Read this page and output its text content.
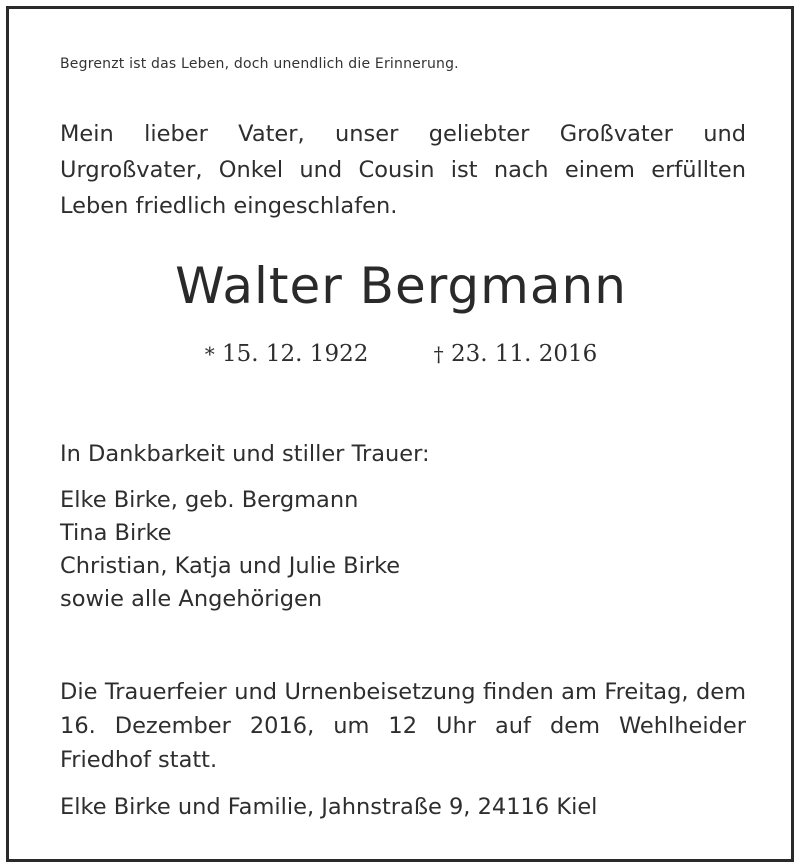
Begrenzt ist das Leben, doch unendlich die Erinnerung.
Mein lieber Vater, unser geliebter Großvater und Urgroßvater, Onkel und Cousin ist nach einem erfüllten Leben friedlich eingeschlafen.
Walter Bergmann
* 15. 12. 1922	† 23. 11. 2016
In Dankbarkeit und stiller Trauer:
Elke Birke, geb. Bergmann
Tina Birke
Christian, Katja und Julie Birke
sowie alle Angehörigen
Die Trauerfeier und Urnenbeisetzung finden am Freitag, dem 16. Dezember 2016, um 12 Uhr auf dem Wehlheider Friedhof statt.
Elke Birke und Familie, Jahnstraße 9, 24116 Kiel
